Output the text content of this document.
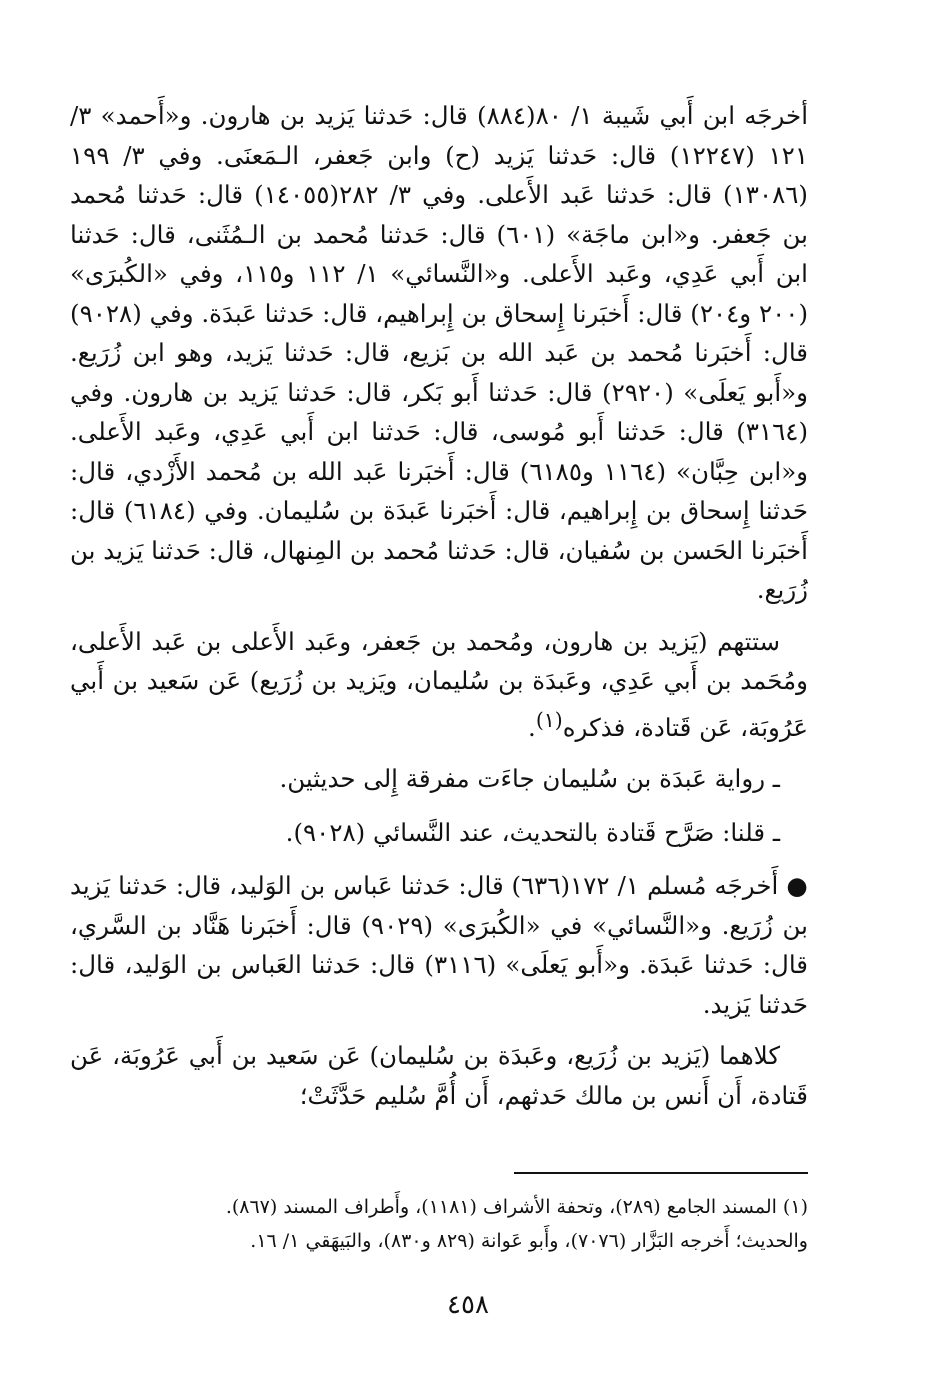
أخرجَه ابن أَبي شَيبة ١/ ٨٠(٨٨٤) قال: حَدثنا يَزيد بن هارون. و«أَحمد» ٣/ ١٢١ (١٢٢٤٧) قال: حَدثنا يَزيد (ح) وابن جَعفر، الـمَعنَى. وفي ٣/ ١٩٩ (١٣٠٨٦) قال: حَدثنا عَبد الأَعلى. وفي ٣/ ٢٨٢(١٤٠٥٥) قال: حَدثنا مُحمد بن جَعفر. و«ابن ماجَة» (٦٠١) قال: حَدثنا مُحمد بن الـمُثَنى، قال: حَدثنا ابن أَبي عَدِي، وعَبد الأَعلى. و«النَّسائي» ١/ ١١٢ و١١٥، وفي «الكُبرَى» (٢٠٠ و٢٠٤) قال: أَخبَرنا إِسحاق بن إِبراهيم، قال: حَدثنا عَبدَة. وفي (٩٠٢٨) قال: أَخبَرنا مُحمد بن عَبد الله بن بَزيع، قال: حَدثنا يَزيد، وهو ابن زُرَيع. و«أَبو يَعلَى» (٢٩٢٠) قال: حَدثنا أَبو بَكر، قال: حَدثنا يَزيد بن هارون. وفي (٣١٦٤) قال: حَدثنا أَبو مُوسى، قال: حَدثنا ابن أَبي عَدِي، وعَبد الأَعلى. و«ابن حِبَّان» (١١٦٤ و٦١٨٥) قال: أَخبَرنا عَبد الله بن مُحمد الأَزْدي، قال: حَدثنا إِسحاق بن إِبراهيم، قال: أَخبَرنا عَبدَة بن سُليمان. وفي (٦١٨٤) قال: أَخبَرنا الحَسن بن سُفيان، قال: حَدثنا مُحمد بن المِنهال، قال: حَدثنا يَزيد بن زُرَيع.

ستتهم (يَزيد بن هارون، ومُحمد بن جَعفر، وعَبد الأَعلى بن عَبد الأَعلى، ومُحَمد بن أَبي عَدِي، وعَبدَة بن سُليمان، ويَزيد بن زُرَيع) عَن سَعيد بن أَبي عَرُوبَة، عَن قَتادة، فذكره$^{(١)}$.

ـ رواية عَبدَة بن سُليمان جاءَت مفرقة إِلى حديثين.

ـ قلنا: صَرَّح قَتادة بالتحديث، عند النَّسائي (٩٠٢٨).

● أَخرجَه مُسلم ١/ ١٧٢(٦٣٦) قال: حَدثنا عَباس بن الوَليد، قال: حَدثنا يَزيد بن زُرَيع. و«النَّسائي» في «الكُبرَى» (٩٠٢٩) قال: أَخبَرنا هَنَّاد بن السَّري، قال: حَدثنا عَبدَة. و«أَبو يَعلَى» (٣١١٦) قال: حَدثنا العَباس بن الوَليد، قال: حَدثنا يَزيد.

كلاهما (يَزيد بن زُرَيع، وعَبدَة بن سُليمان) عَن سَعيد بن أَبي عَرُوبَة، عَن قَتادة، أَن أَنس بن مالك حَدثهم، أَن أُمَّ سُليم حَدَّثَتْ؛

(١) المسند الجامع (٢٨٩)، وتحفة الأشراف (١١٨١)، وأَطراف المسند (٨٦٧).

والحديث؛ أَخرجه البَزَّار (٧٠٧٦)، وأَبو عَوانة (٨٢٩ و٨٣٠)، والبَيهَقي ١/ ١٦.

٤٥٨
